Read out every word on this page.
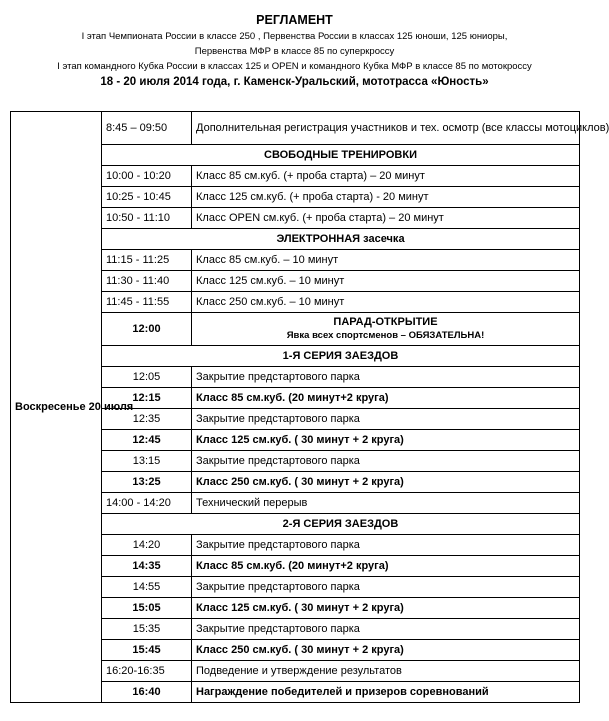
РЕГЛАМЕНТ
I этап Чемпионата России в классе 250 , Первенства России в классах 125 юноши, 125 юниоры,
Первенства МФР в классе 85 по суперкроссу
I этап командного Кубка России в классах 125 и OPEN и командного Кубка МФР в классе 85 по мотокроссу
18 - 20 июля 2014 года, г. Каменск-Уральский, мототрасса «Юность»
Воскресенье 20 июля	8:45 – 09:50	Дополнительная регистрация участников и тех. осмотр (все классы мотоциклов)
	СВОБОДНЫЕ ТРЕНИРОВКИ	
	10:00 - 10:20	Класс 85 см.куб. (+ проба старта) – 20 минут
	10:25 - 10:45	Класс 125 см.куб. (+ проба старта) - 20 минут
	10:50 - 11:10	Класс OPEN см.куб. (+ проба старта) – 20 минут
	ЭЛЕКТРОННАЯ засечка	
	11:15 - 11:25	Класс 85 см.куб. – 10 минут
	11:30 - 11:40	Класс 125 см.куб. – 10 минут
	11:45 - 11:55	Класс 250 см.куб. – 10 минут
	12:00	ПАРАД-ОТКРЫТИЕ
Явка всех спортсменов – ОБЯЗАТЕЛЬНА!

	1-Я СЕРИЯ ЗАЕЗДОВ	
	12:05	Закрытие предстартового парка
	12:15	Класс 85 см.куб. (20 минут+2 круга)
	12:35	Закрытие предстартового парка
	12:45	Класс 125 см.куб. ( 30 минут + 2 круга)
	13:15	Закрытие предстартового парка
	13:25	Класс 250 см.куб. ( 30 минут + 2 круга)
	14:00 - 14:20	Технический перерыв
	2-Я СЕРИЯ ЗАЕЗДОВ	
	14:20	Закрытие предстартового парка
	14:35	Класс 85 см.куб. (20 минут+2 круга)
	14:55	Закрытие предстартового парка
	15:05	Класс 125 см.куб. ( 30 минут + 2 круга)
	15:35	Закрытие предстартового парка
	15:45	Класс 250 см.куб. ( 30 минут + 2 круга)
	16:20-16:35	Подведение и утверждение результатов
	16:40	Награждение победителей и призеров соревнований
